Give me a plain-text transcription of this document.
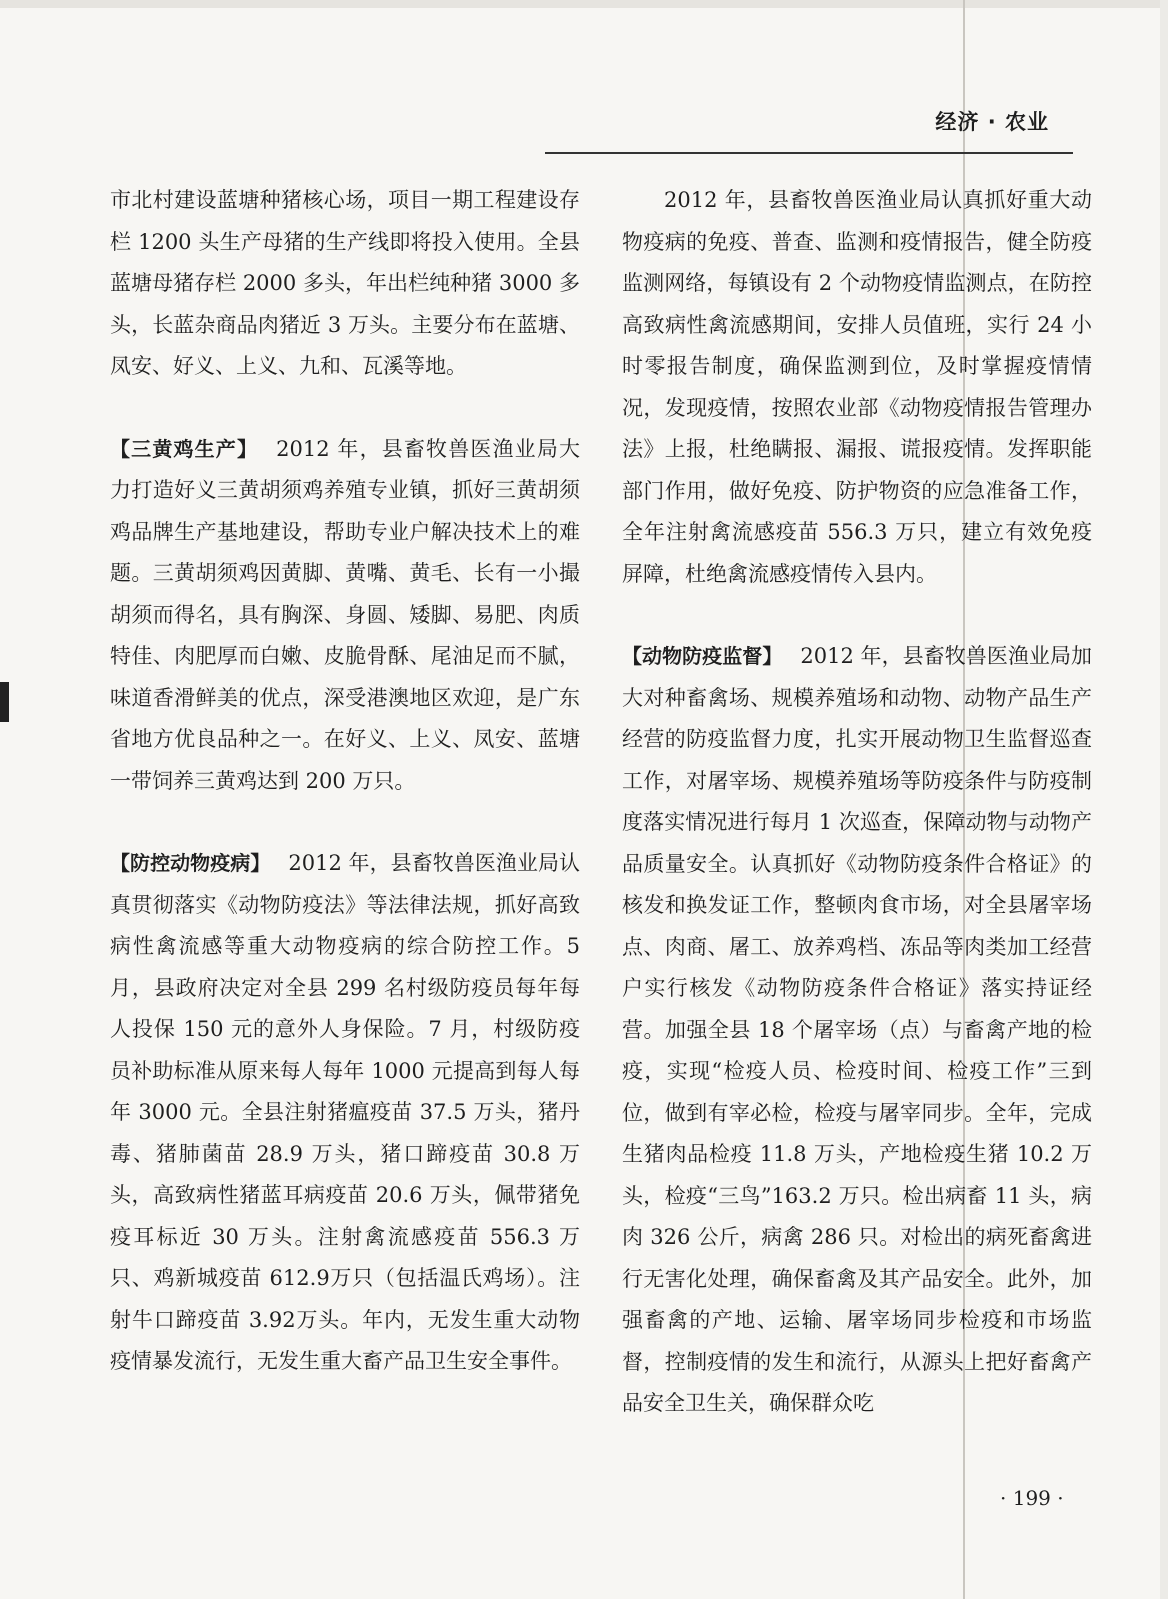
经济 · 农业

市北村建设蓝塘种猪核心场，项目一期工程建设存栏 1200 头生产母猪的生产线即将投入使用。全县蓝塘母猪存栏 2000 多头，年出栏纯种猪 3000 多头，长蓝杂商品肉猪近 3 万头。主要分布在蓝塘、凤安、好义、上义、九和、瓦溪等地。

【三黄鸡生产】 2012 年，县畜牧兽医渔业局大力打造好义三黄胡须鸡养殖专业镇，抓好三黄胡须鸡品牌生产基地建设，帮助专业户解决技术上的难题。三黄胡须鸡因黄脚、黄嘴、黄毛、长有一小撮胡须而得名，具有胸深、身圆、矮脚、易肥、肉质特佳、肉肥厚而白嫩、皮脆骨酥、尾油足而不腻，味道香滑鲜美的优点，深受港澳地区欢迎，是广东省地方优良品种之一。在好义、上义、凤安、蓝塘一带饲养三黄鸡达到 200 万只。

【防控动物疫病】 2012 年，县畜牧兽医渔业局认真贯彻落实《动物防疫法》等法律法规，抓好高致病性禽流感等重大动物疫病的综合防控工作。5 月，县政府决定对全县 299 名村级防疫员每年每人投保 150 元的意外人身保险。7 月，村级防疫员补助标准从原来每人每年 1000 元提高到每人每年 3000 元。全县注射猪瘟疫苗 37.5 万头，猪丹毒、猪肺菌苗 28.9 万头，猪口蹄疫苗 30.8 万头，高致病性猪蓝耳病疫苗 20.6 万头，佩带猪免疫耳标近 30 万头。注射禽流感疫苗 556.3 万只、鸡新城疫苗 612.9万只（包括温氏鸡场）。注射牛口蹄疫苗 3.92万头。年内，无发生重大动物疫情暴发流行，无发生重大畜产品卫生安全事件。

2012 年，县畜牧兽医渔业局认真抓好重大动物疫病的免疫、普查、监测和疫情报告，健全防疫监测网络，每镇设有 2 个动物疫情监测点，在防控高致病性禽流感期间，安排人员值班，实行 24 小时零报告制度，确保监测到位，及时掌握疫情情况，发现疫情，按照农业部《动物疫情报告管理办法》上报，杜绝瞒报、漏报、谎报疫情。发挥职能部门作用，做好免疫、防护物资的应急准备工作，全年注射禽流感疫苗 556.3 万只，建立有效免疫屏障，杜绝禽流感疫情传入县内。

【动物防疫监督】 2012 年，县畜牧兽医渔业局加大对种畜禽场、规模养殖场和动物、动物产品生产经营的防疫监督力度，扎实开展动物卫生监督巡查工作，对屠宰场、规模养殖场等防疫条件与防疫制度落实情况进行每月 1 次巡查，保障动物与动物产品质量安全。认真抓好《动物防疫条件合格证》的核发和换发证工作，整顿肉食市场，对全县屠宰场点、肉商、屠工、放养鸡档、冻品等肉类加工经营户实行核发《动物防疫条件合格证》落实持证经营。加强全县 18 个屠宰场（点）与畜禽产地的检疫，实现“检疫人员、检疫时间、检疫工作”三到位，做到有宰必检，检疫与屠宰同步。全年，完成生猪肉品检疫 11.8 万头，产地检疫生猪 10.2 万头，检疫“三鸟”163.2 万只。检出病畜 11 头，病肉 326 公斤，病禽 286 只。对检出的病死畜禽进行无害化处理，确保畜禽及其产品安全。此外，加强畜禽的产地、运输、屠宰场同步检疫和市场监督，控制疫情的发生和流行，从源头上把好畜禽产品安全卫生关，确保群众吃

· 199 ·
